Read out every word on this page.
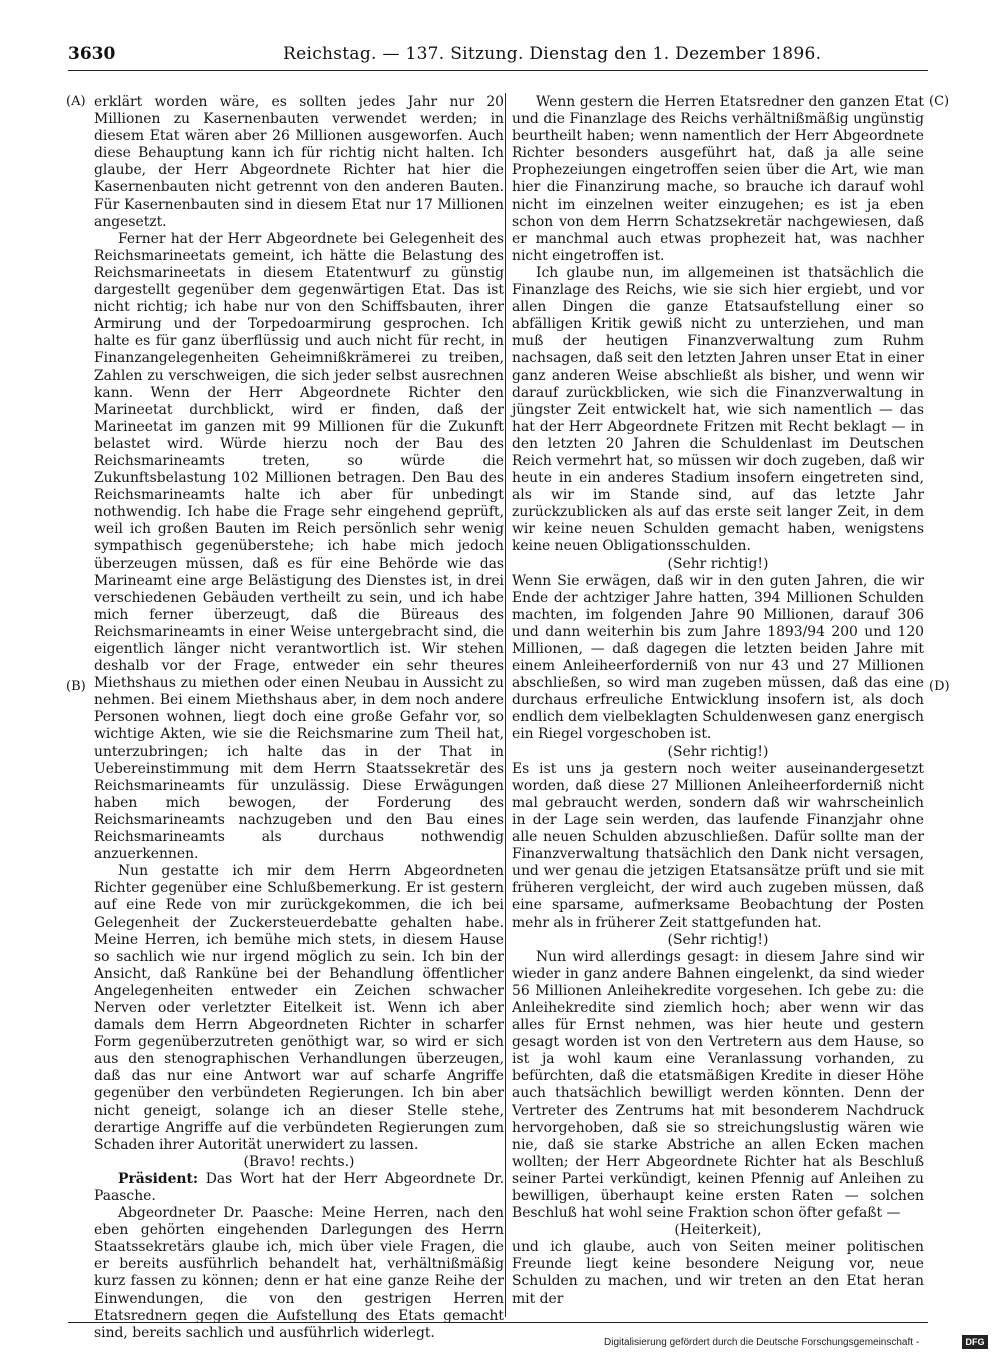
3630	Reichstag. — 137. Sitzung. Dienstag den 1. Dezember 1896.
(A)
(B)
(C)
(D)

erklärt worden wäre, es sollten jedes Jahr nur 20 Millionen zu Kasernenbauten verwendet werden; in diesem Etat wären aber 26 Millionen ausgeworfen. Auch diese Behauptung kann ich für richtig nicht halten. Ich glaube, der Herr Abgeordnete Richter hat hier die Kasernenbauten nicht getrennt von den anderen Bauten. Für Kasernenbauten sind in diesem Etat nur 17 Millionen angesetzt.

Ferner hat der Herr Abgeordnete bei Gelegenheit des Reichsmarineetats gemeint, ich hätte die Belastung des Reichsmarineetats in diesem Etatentwurf zu günstig dargestellt gegenüber dem gegenwärtigen Etat. Das ist nicht richtig; ich habe nur von den Schiffsbauten, ihrer Armirung und der Torpedoarmirung gesprochen. Ich halte es für ganz überflüssig und auch nicht für recht, in Finanzangelegenheiten Geheimnißkrämerei zu treiben, Zahlen zu verschweigen, die sich jeder selbst ausrechnen kann. Wenn der Herr Abgeordnete Richter den Marineetat durchblickt, wird er finden, daß der Marineetat im ganzen mit 99 Millionen für die Zukunft belastet wird. Würde hierzu noch der Bau des Reichsmarineamts treten, so würde die Zukunftsbelastung 102 Millionen betragen. Den Bau des Reichsmarineamts halte ich aber für unbedingt nothwendig. Ich habe die Frage sehr eingehend geprüft, weil ich großen Bauten im Reich persönlich sehr wenig sympathisch gegenüberstehe; ich habe mich jedoch überzeugen müssen, daß es für eine Behörde wie das Marineamt eine arge Belästigung des Dienstes ist, in drei verschiedenen Gebäuden vertheilt zu sein, und ich habe mich ferner überzeugt, daß die Büreaus des Reichsmarineamts in einer Weise untergebracht sind, die eigentlich länger nicht verantwortlich ist. Wir stehen deshalb vor der Frage, entweder ein sehr theures Miethshaus zu miethen oder einen Neubau in Aussicht zu nehmen. Bei einem Miethshaus aber, in dem noch andere Personen wohnen, liegt doch eine große Gefahr vor, so wichtige Akten, wie sie die Reichsmarine zum Theil hat, unterzubringen; ich halte das in der That in Uebereinstimmung mit dem Herrn Staatssekretär des Reichsmarineamts für unzulässig. Diese Erwägungen haben mich bewogen, der Forderung des Reichsmarineamts nachzugeben und den Bau eines Reichsmarineamts als durchaus nothwendig anzuerkennen.

Nun gestatte ich mir dem Herrn Abgeordneten Richter gegenüber eine Schlußbemerkung. Er ist gestern auf eine Rede von mir zurückgekommen, die ich bei Gelegenheit der Zuckersteuerdebatte gehalten habe. Meine Herren, ich bemühe mich stets, in diesem Hause so sachlich wie nur irgend möglich zu sein. Ich bin der Ansicht, daß Ranküne bei der Behandlung öffentlicher Angelegenheiten entweder ein Zeichen schwacher Nerven oder verletzter Eitelkeit ist. Wenn ich aber damals dem Herrn Abgeordneten Richter in scharfer Form gegenüberzutreten genöthigt war, so wird er sich aus den stenographischen Verhandlungen überzeugen, daß das nur eine Antwort war auf scharfe Angriffe gegenüber den verbündeten Regierungen. Ich bin aber nicht geneigt, solange ich an dieser Stelle stehe, derartige Angriffe auf die verbündeten Regierungen zum Schaden ihrer Autorität unerwidert zu lassen.

(Bravo! rechts.)

Präsident: Das Wort hat der Herr Abgeordnete Dr. Paasche.

Abgeordneter Dr. Paasche: Meine Herren, nach den eben gehörten eingehenden Darlegungen des Herrn Staatssekretärs glaube ich, mich über viele Fragen, die er bereits ausführlich behandelt hat, verhältnißmäßig kurz fassen zu können; denn er hat eine ganze Reihe der Einwendungen, die von den gestrigen Herren Etatsrednern gegen die Aufstellung des Etats gemacht sind, bereits sachlich und ausführlich widerlegt.

Wenn gestern die Herren Etatsredner den ganzen Etat und die Finanzlage des Reichs verhältnißmäßig ungünstig beurtheilt haben; wenn namentlich der Herr Abgeordnete Richter besonders ausgeführt hat, daß ja alle seine Prophezeiungen eingetroffen seien über die Art, wie man hier die Finanzirung mache, so brauche ich darauf wohl nicht im einzelnen weiter einzugehen; es ist ja eben schon von dem Herrn Schatzsekretär nachgewiesen, daß er manchmal auch etwas prophezeit hat, was nachher nicht eingetroffen ist.

Ich glaube nun, im allgemeinen ist thatsächlich die Finanzlage des Reichs, wie sie sich hier ergiebt, und vor allen Dingen die ganze Etatsaufstellung einer so abfälligen Kritik gewiß nicht zu unterziehen, und man muß der heutigen Finanzverwaltung zum Ruhm nachsagen, daß seit den letzten Jahren unser Etat in einer ganz anderen Weise abschließt als bisher, und wenn wir darauf zurückblicken, wie sich die Finanzverwaltung in jüngster Zeit entwickelt hat, wie sich namentlich — das hat der Herr Abgeordnete Fritzen mit Recht beklagt — in den letzten 20 Jahren die Schuldenlast im Deutschen Reich vermehrt hat, so müssen wir doch zugeben, daß wir heute in ein anderes Stadium insofern eingetreten sind, als wir im Stande sind, auf das letzte Jahr zurückzublicken als auf das erste seit langer Zeit, in dem wir keine neuen Schulden gemacht haben, wenigstens keine neuen Obligationsschulden.

(Sehr richtig!)

Wenn Sie erwägen, daß wir in den guten Jahren, die wir Ende der achtziger Jahre hatten, 394 Millionen Schulden machten, im folgenden Jahre 90 Millionen, darauf 306 und dann weiterhin bis zum Jahre 1893/94 200 und 120 Millionen, — daß dagegen die letzten beiden Jahre mit einem Anleiheerforderniß von nur 43 und 27 Millionen abschließen, so wird man zugeben müssen, daß das eine durchaus erfreuliche Entwicklung insofern ist, als doch endlich dem vielbeklagten Schuldenwesen ganz energisch ein Riegel vorgeschoben ist.

(Sehr richtig!)

Es ist uns ja gestern noch weiter auseinandergesetzt worden, daß diese 27 Millionen Anleiheerforderniß nicht mal gebraucht werden, sondern daß wir wahrscheinlich in der Lage sein werden, das laufende Finanzjahr ohne alle neuen Schulden abzuschließen. Dafür sollte man der Finanzverwaltung thatsächlich den Dank nicht versagen, und wer genau die jetzigen Etatsansätze prüft und sie mit früheren vergleicht, der wird auch zugeben müssen, daß eine sparsame, aufmerksame Beobachtung der Posten mehr als in früherer Zeit stattgefunden hat.

(Sehr richtig!)

Nun wird allerdings gesagt: in diesem Jahre sind wir wieder in ganz andere Bahnen eingelenkt, da sind wieder 56 Millionen Anleihekredite vorgesehen. Ich gebe zu: die Anleihekredite sind ziemlich hoch; aber wenn wir das alles für Ernst nehmen, was hier heute und gestern gesagt worden ist von den Vertretern aus dem Hause, so ist ja wohl kaum eine Veranlassung vorhanden, zu befürchten, daß die etatsmäßigen Kredite in dieser Höhe auch thatsächlich bewilligt werden könnten. Denn der Vertreter des Zentrums hat mit besonderem Nachdruck hervorgehoben, daß sie so streichungslustig wären wie nie, daß sie starke Abstriche an allen Ecken machen wollten; der Herr Abgeordnete Richter hat als Beschluß seiner Partei verkündigt, keinen Pfennig auf Anleihen zu bewilligen, überhaupt keine ersten Raten — solchen Beschluß hat wohl seine Fraktion schon öfter gefaßt —

(Heiterkeit),

und ich glaube, auch von Seiten meiner politischen Freunde liegt keine besondere Neigung vor, neue Schulden zu machen, und wir treten an den Etat heran mit der

Digitalisierung gefördert durch die Deutsche Forschungsgemeinschaft -	DFG
